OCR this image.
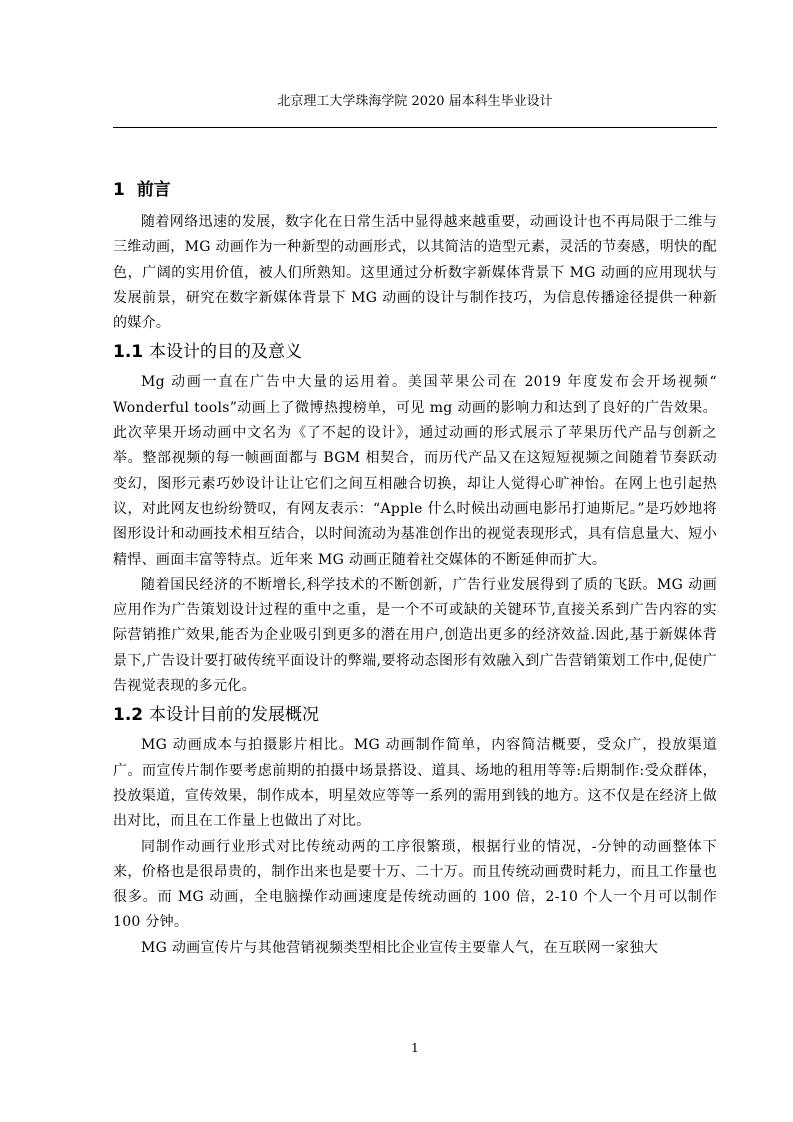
北京理工大学珠海学院 2020 届本科生毕业设计
1 前言

随着网络迅速的发展，数字化在日常生活中显得越来越重要，动画设计也不再局限于二维与三维动画，MG 动画作为一种新型的动画形式，以其简洁的造型元素，灵活的节奏感，明快的配色，广阔的实用价值，被人们所熟知。这里通过分析数字新媒体背景下 MG 动画的应用现状与发展前景，研究在数字新媒体背景下 MG 动画的设计与制作技巧，为信息传播途径提供一种新的媒介。

1.1 本设计的目的及意义

Mg 动画一直在广告中大量的运用着。美国苹果公司在 2019 年度发布会开场视频“ Wonderful tools”动画上了微博热搜榜单，可见 mg 动画的影响力和达到了良好的广告效果。此次苹果开场动画中文名为《了不起的设计》，通过动画的形式展示了苹果历代产品与创新之举。整部视频的每一帧画面都与 BGM 相契合，而历代产品又在这短短视频之间随着节奏跃动变幻，图形元素巧妙设计让让它们之间互相融合切换，却让人觉得心旷神怡。在网上也引起热议，对此网友也纷纷赞叹，有网友表示：“Apple 什么时候出动画电影吊打迪斯尼。”是巧妙地将图形设计和动画技术相互结合，以时间流动为基准创作出的视觉表现形式，具有信息量大、短小精悍、画面丰富等特点。近年来 MG 动画正随着社交媒体的不断延伸而扩大。

随着国民经济的不断增长,科学技术的不断创新，广告行业发展得到了质的飞跃。MG 动画应用作为广告策划设计过程的重中之重，是一个不可或缺的关键环节,直接关系到广告内容的实际营销推广效果,能否为企业吸引到更多的潜在用户,创造出更多的经济效益.因此,基于新媒体背景下,广告设计要打破传统平面设计的弊端,要将动态图形有效融入到广告营销策划工作中,促使广告视觉表现的多元化。

1.2 本设计目前的发展概况

MG 动画成本与拍摄影片相比。MG 动画制作简单，内容简洁概要，受众广，投放渠道广。而宣传片制作要考虑前期的拍摄中场景搭设、道具、场地的租用等等:后期制作:受众群体，投放渠道，宣传效果，制作成本，明星效应等等一系列的需用到钱的地方。这不仅是在经济上做出对比，而且在工作量上也做出了对比。

同制作动画行业形式对比传统动两的工序很繁琐，根据行业的情况，-分钟的动画整体下来，价格也是很昂贵的，制作出来也是要十万、二十万。而且传统动画费时耗力，而且工作量也很多。而 MG 动画，全电脑操作动画速度是传统动画的 100 倍，2-10 个人一个月可以制作 100 分钟。

MG 动画宣传片与其他营销视频类型相比企业宣传主要靠人气，在互联网一家独大

1
